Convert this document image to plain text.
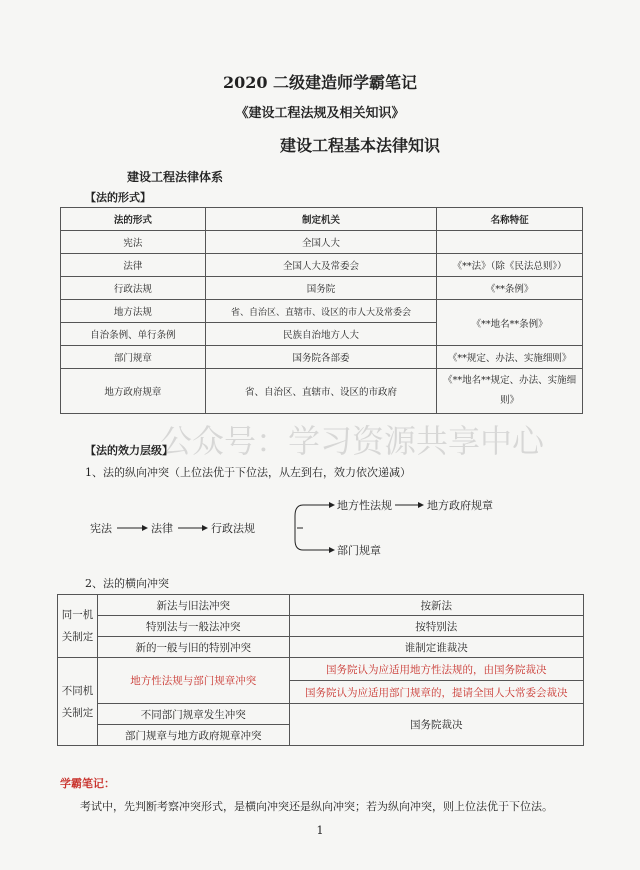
2020 二级建造师学霸笔记
《建设工程法规及相关知识》
建设工程基本法律知识
建设工程法律体系
【法的形式】
法的形式	制定机关	名称特征
宪法	全国人大	
法律	全国人大及常委会	《**法》（除《民法总则》）
行政法规	国务院	《**条例》
地方法规	省、自治区、直辖市、设区的市人大及常委会	《**地名**条例》
自治条例、单行条例	民族自治地方人大	
部门规章	国务院各部委	《**规定、办法、实施细则》
地方政府规章	省、自治区、直辖市、设区的市政府	《**地名**规定、办法、实施细则》
公众号：学习资源共享中心
【法的效力层级】
1、法的纵向冲突（上位法优于下位法，从左到右，效力依次递减）
宪法	法律	行政法规
地方性法规	地方政府规章
部门规章
2、法的横向冲突
同一机关制定	新法与旧法冲突	按新法
	特别法与一般法冲突	按特别法
	新的一般与旧的特别冲突	谁制定谁裁决
不同机关制定	地方性法规与部门规章冲突	国务院认为应适用地方性法规的，由国务院裁决
		国务院认为应适用部门规章的，提请全国人大常委会裁决
	不同部门规章发生冲突	国务院裁决
	部门规章与地方政府规章冲突	
学霸笔记：
考试中，先判断考察冲突形式，是横向冲突还是纵向冲突；若为纵向冲突，则上位法优于下位法。
1
